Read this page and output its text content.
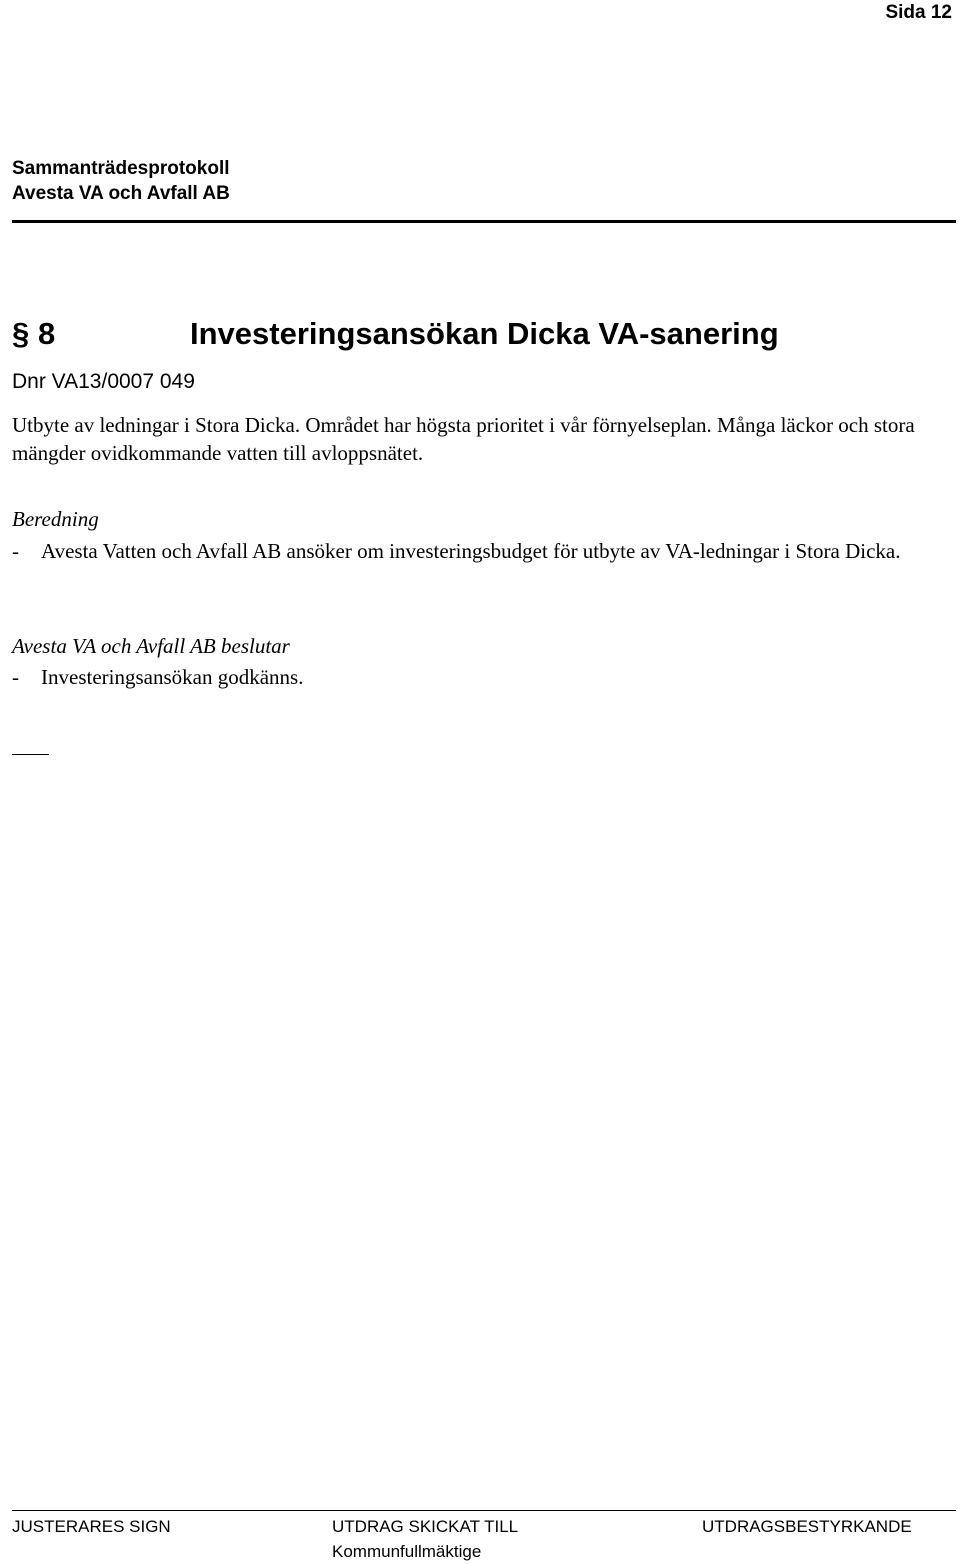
Sida 12
Sammanträdesprotokoll
Avesta VA och Avfall AB
§ 8	Investeringsansökan Dicka VA-sanering
Dnr VA13/0007 049
Utbyte av ledningar i Stora Dicka. Området har högsta prioritet i vår förnyelseplan. Många läckor och stora mängder ovidkommande vatten till avloppsnätet.
Beredning
-	Avesta Vatten och Avfall AB ansöker om investeringsbudget för utbyte av VA-ledningar i Stora Dicka.
Avesta VA och Avfall AB beslutar
-	Investeringsansökan godkänns.
JUSTERARES SIGN	UTDRAG SKICKAT TILL	UTDRAGSBESTYRKANDE
Kommunfullmäktige
